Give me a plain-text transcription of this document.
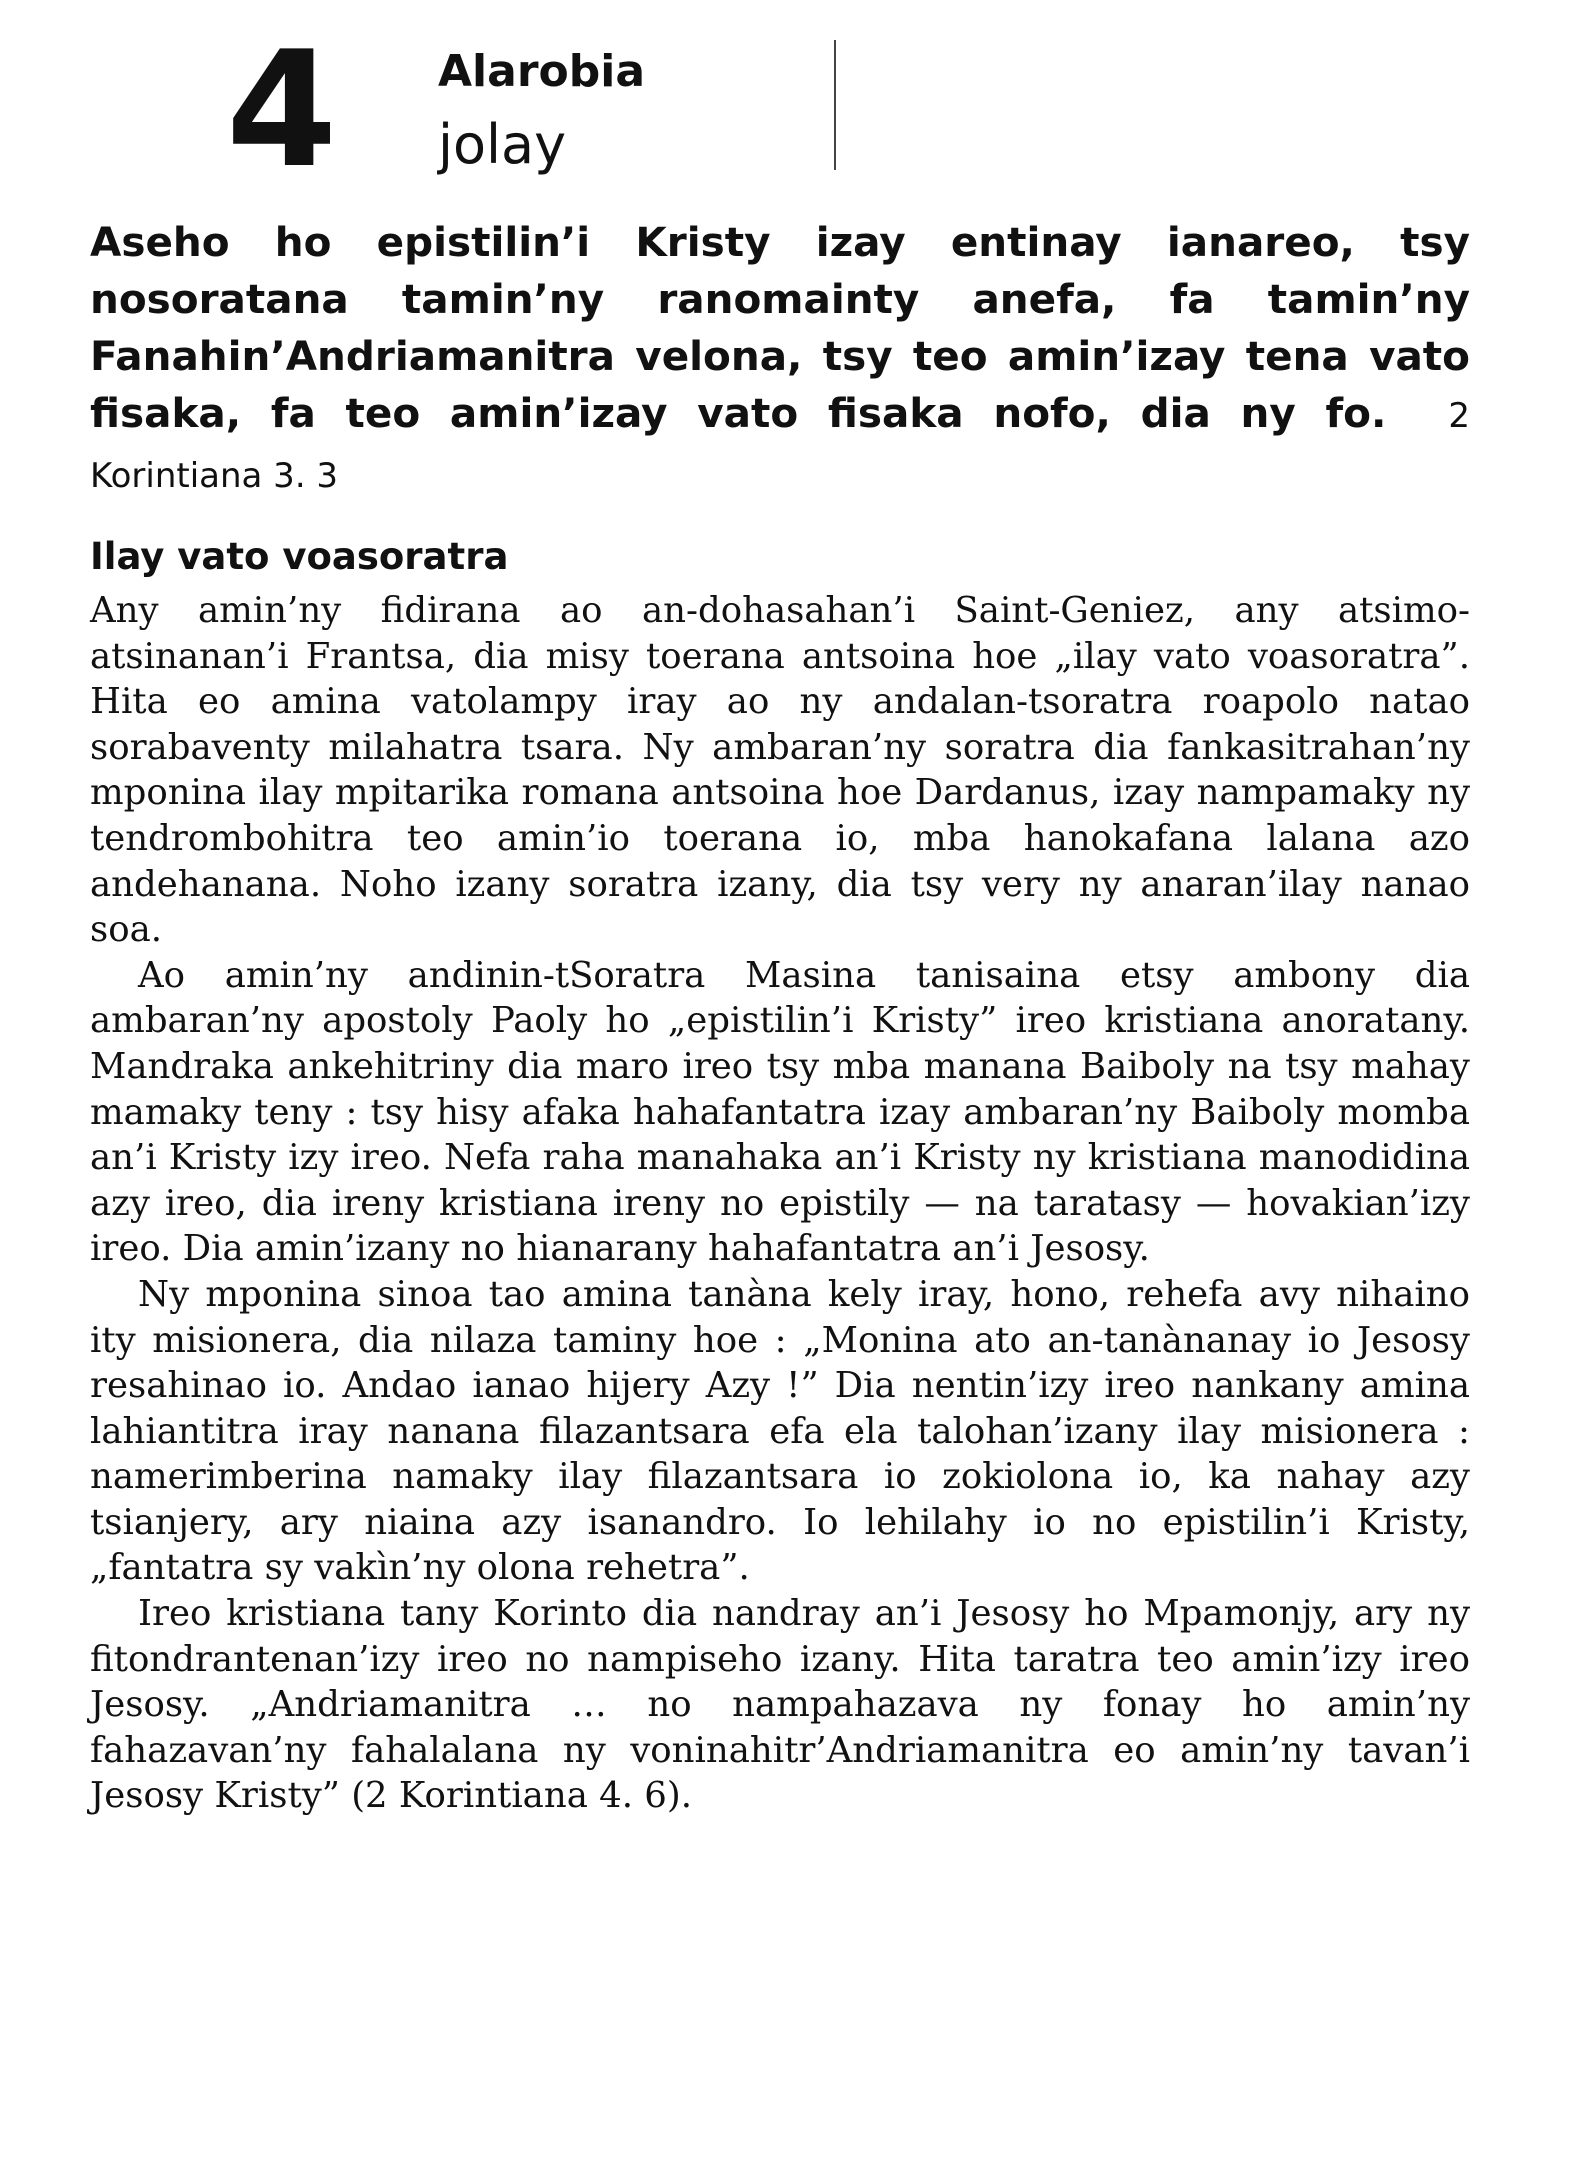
4 Alarobia
jolay
Aseho ho epistilin’i Kristy izay entinay ianareo, tsy nosoratana tamin’ny ranomainty anefa, fa tamin’ny Fanahin’Andriamanitra velona, tsy teo amin’izay tena vato fisaka, fa teo amin’izay vato fisaka nofo, dia ny fo. 2 Korintiana 3. 3
Ilay vato voasoratra

Any amin’ny fidirana ao an-dohasahan’i Saint-Geniez, any atsimo-atsinanan’i Frantsa, dia misy toerana antsoina hoe „ilay vato voasoratra”. Hita eo amina vatolampy iray ao ny andalan-tsoratra roapolo natao sorabaventy milahatra tsara. Ny ambaran’ny soratra dia fankasitrahan’ny mponina ilay mpitarika romana antsoina hoe Dardanus, izay nampamaky ny tendrombohitra teo amin’io toerana io, mba hanokafana lalana azo andehanana. Noho izany soratra izany, dia tsy very ny anaran’ilay nanao soa.

Ao amin’ny andinin-tSoratra Masina tanisaina etsy ambony dia ambaran’ny apostoly Paoly ho „epistilin’i Kristy” ireo kristiana anoratany. Mandraka ankehitriny dia maro ireo tsy mba manana Baiboly na tsy mahay mamaky teny : tsy hisy afaka hahafantatra izay ambaran’ny Baiboly momba an’i Kristy izy ireo. Nefa raha manahaka an’i Kristy ny kristiana manodidina azy ireo, dia ireny kristiana ireny no epistily — na taratasy — hovakian’izy ireo. Dia amin’izany no hianarany hahafantatra an’i Jesosy.

Ny mponina sinoa tao amina tanàna kely iray, hono, rehefa avy nihaino ity misionera, dia nilaza taminy hoe : „Monina ato an-tanànanay io Jesosy resahinao io. Andao ianao hijery Azy !” Dia nentin’izy ireo nankany amina lahiantitra iray nanana filazantsara efa ela talohan’izany ilay misionera : namerimberina namaky ilay filazantsara io zokiolona io, ka nahay azy tsianjery, ary niaina azy isanandro. Io lehilahy io no epistilin’i Kristy, „fantatra sy vakìn’ny olona rehetra”.

Ireo kristiana tany Korinto dia nandray an’i Jesosy ho Mpamonjy, ary ny fitondrantenan’izy ireo no nampiseho izany. Hita taratra teo amin’izy ireo Jesosy. „Andriamanitra … no nampahazava ny fonay ho amin’ny fahazavan’ny fahalalana ny voninahitr’Andriamanitra eo amin’ny tavan’i Jesosy Kristy” (2 Korintiana 4. 6).
